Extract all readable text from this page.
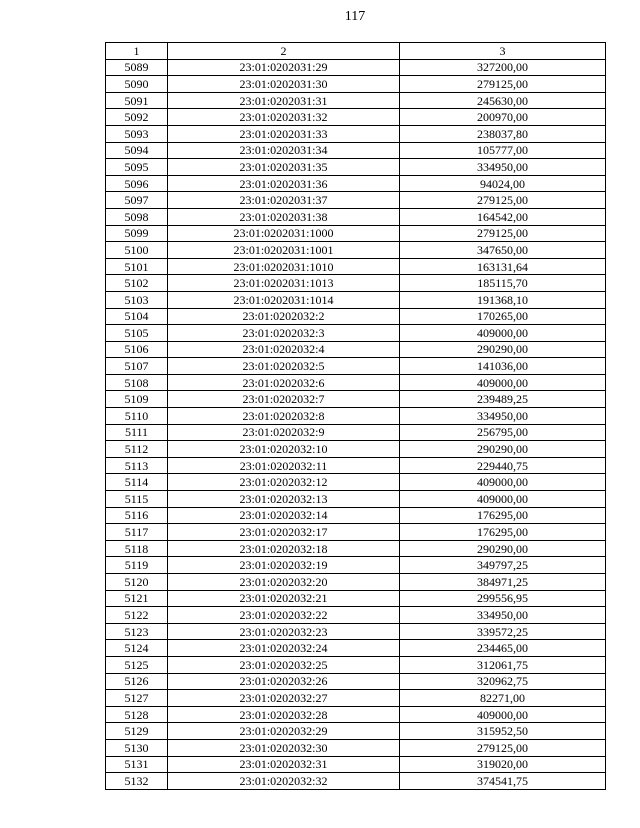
117
1	2	3
5089	23:01:0202031:29	327200,00
5090	23:01:0202031:30	279125,00
5091	23:01:0202031:31	245630,00
5092	23:01:0202031:32	200970,00
5093	23:01:0202031:33	238037,80
5094	23:01:0202031:34	105777,00
5095	23:01:0202031:35	334950,00
5096	23:01:0202031:36	94024,00
5097	23:01:0202031:37	279125,00
5098	23:01:0202031:38	164542,00
5099	23:01:0202031:1000	279125,00
5100	23:01:0202031:1001	347650,00
5101	23:01:0202031:1010	163131,64
5102	23:01:0202031:1013	185115,70
5103	23:01:0202031:1014	191368,10
5104	23:01:0202032:2	170265,00
5105	23:01:0202032:3	409000,00
5106	23:01:0202032:4	290290,00
5107	23:01:0202032:5	141036,00
5108	23:01:0202032:6	409000,00
5109	23:01:0202032:7	239489,25
5110	23:01:0202032:8	334950,00
5111	23:01:0202032:9	256795,00
5112	23:01:0202032:10	290290,00
5113	23:01:0202032:11	229440,75
5114	23:01:0202032:12	409000,00
5115	23:01:0202032:13	409000,00
5116	23:01:0202032:14	176295,00
5117	23:01:0202032:17	176295,00
5118	23:01:0202032:18	290290,00
5119	23:01:0202032:19	349797,25
5120	23:01:0202032:20	384971,25
5121	23:01:0202032:21	299556,95
5122	23:01:0202032:22	334950,00
5123	23:01:0202032:23	339572,25
5124	23:01:0202032:24	234465,00
5125	23:01:0202032:25	312061,75
5126	23:01:0202032:26	320962,75
5127	23:01:0202032:27	82271,00
5128	23:01:0202032:28	409000,00
5129	23:01:0202032:29	315952,50
5130	23:01:0202032:30	279125,00
5131	23:01:0202032:31	319020,00
5132	23:01:0202032:32	374541,75
